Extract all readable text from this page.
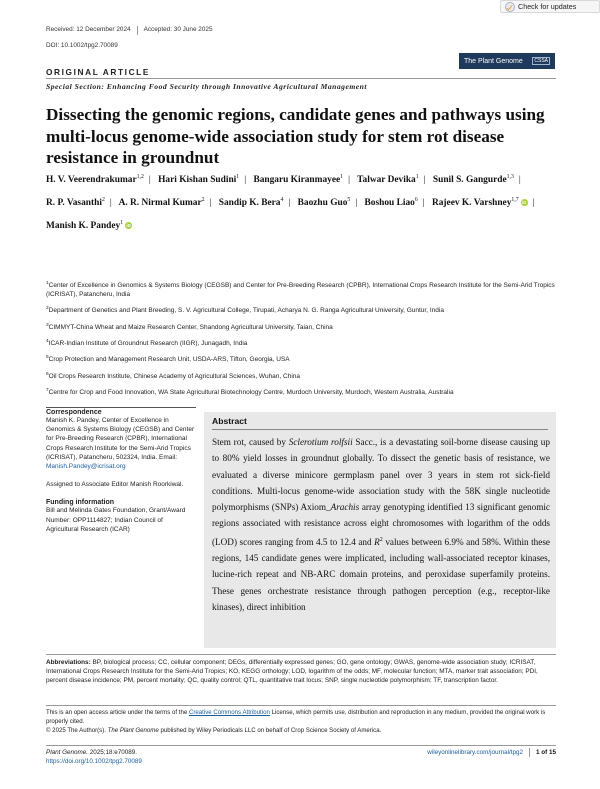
Check for updates
Received: 12 December 2024 Accepted: 30 June 2025
DOI: 10.1002/tpg2.70089
The Plant Genome	CSSA
ORIGINAL ARTICLE
Special Section: Enhancing Food Security through Innovative Agricultural Management
Dissecting the genomic regions, candidate genes and pathways using multi-locus genome-wide association study for stem rot disease resistance in groundnut
H. V. Veerendrakumar$^{1,2}$ | Hari Kishan Sudini$^1$ | Bangaru Kiranmayee$^1$ | Talwar Devika$^1$ | Sunil S. Gangurde$^{1,3}$ | R. P. Vasanthi$^2$ | A. R. Nirmal Kumar$^2$ | Sandip K. Bera$^4$ | Baozhu Guo$^5$ | Boshou Liao$^6$ | Rajeev K. Varshney$^{1,7}$ iD | Manish K. Pandey$^1$ iD

$^1$Center of Excellence in Genomics & Systems Biology (CEGSB) and Center for Pre-Breeding Research (CPBR), International Crops Research Institute for the Semi-Arid Tropics (ICRISAT), Patancheru, India

$^2$Department of Genetics and Plant Breeding, S. V. Agricultural College, Tirupati, Acharya N. G. Ranga Agricultural University, Guntur, India

$^3$CIMMYT-China Wheat and Maize Research Center, Shandong Agricultural University, Taian, China

$^4$ICAR-Indian Institute of Groundnut Research (IIGR), Junagadh, India

$^5$Crop Protection and Management Research Unit, USDA-ARS, Tifton, Georgia, USA

$^6$Oil Crops Research Institute, Chinese Academy of Agricultural Sciences, Wuhan, China

$^7$Centre for Crop and Food Innovation, WA State Agricultural Biotechnology Centre, Murdoch University, Murdoch, Western Australia, Australia

Correspondence

Manish K. Pandey, Center of Excellence in Genomics & Systems Biology (CEGSB) and Center for Pre-Breeding Research (CPBR), International Crops Research Institute for the Semi-Arid Tropics (ICRISAT), Patancheru, 502324, India. Email: Manish.Pandey@icrisat.org

Assigned to Associate Editor Manish Roorkiwal.

Funding information

Bill and Melinda Gates Foundation, Grant/Award Number: OPP1114827; Indian Council of Agricultural Research (ICAR)

Abstract
Stem rot, caused by Sclerotium rolfsii Sacc., is a devastating soil-borne disease causing up to 80% yield losses in groundnut globally. To dissect the genetic basis of resistance, we evaluated a diverse minicore germplasm panel over 3 years in stem rot sick-field conditions. Multi-locus genome-wide association study with the 58K single nucleotide polymorphisms (SNPs) Axiom_Arachis array genotyping identified 13 significant genomic regions associated with resistance across eight chromosomes with logarithm of the odds (LOD) scores ranging from 4.5 to 12.4 and $R^2$ values between 6.9% and 58%. Within these regions, 145 candidate genes were implicated, including wall-associated receptor kinases, lucine-rich repeat and NB-ARC domain proteins, and peroxidase superfamily proteins. These genes orchestrate resistance through pathogen perception (e.g., receptor-like kinases), direct inhibition
Abbreviations: BP, biological process; CC, cellular component; DEGs, differentially expressed genes; GO, gene ontology; GWAS, genome-wide association study; ICRISAT, International Crops Research Institute for the Semi-Arid Tropics; KO, KEGG orthology; LOD, logarithm of the odds; MF, molecular function; MTA, marker trait association; PDI, percent disease incidence; PM, percent mortality; QC, quality control; QTL, quantitative trait locus; SNP, single nucleotide polymorphism; TF, transcription factor.
This is an open access article under the terms of the Creative Commons Attribution License, which permits use, distribution and reproduction in any medium, provided the original work is properly cited.
© 2025 The Author(s). The Plant Genome published by Wiley Periodicals LLC on behalf of Crop Science Society of America.
Plant Genome. 2025;18:e70089.
https://doi.org/10.1002/tpg2.70089
wileyonlinelibrary.com/journal/tpg2 1 of 15
